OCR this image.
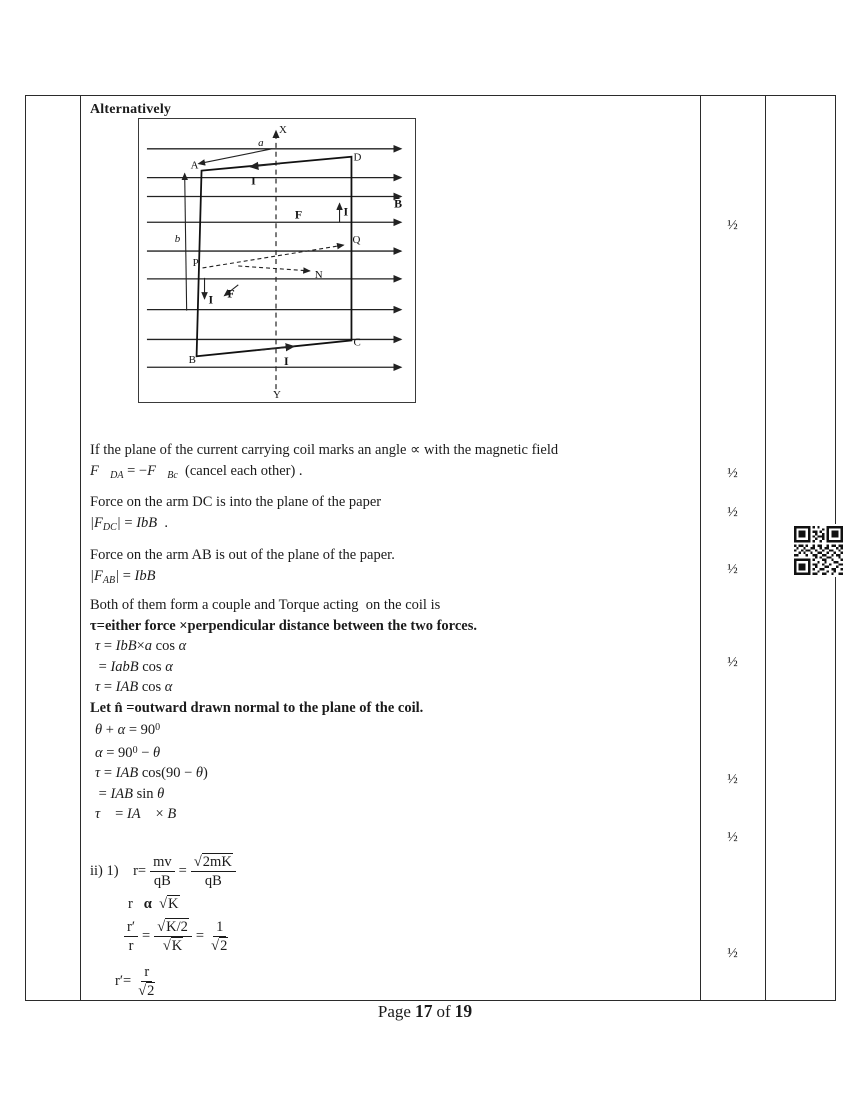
Alternatively
X
Y
A
D
B
C
P
Q
N
F
F
I
I
I
I
a
b
B̄
If the plane of the current carrying coil marks an angle ∝ with the magnetic field
$F⃗_{DA}$ = $-F⃗_{Bc}$  (cancel each other) .
Force on the arm DC is into the plane of the paper
$|F_{DC}|$ = IbB  .
Force on the arm AB is out of the plane of the paper.
$|F_{AB}|$ = IbB
Both of them form a couple and Torque acting  on the coil is
τ=either force ×perpendicular distance between the two forces.
τ = IbB×a cos α
= IabB cos α
τ = IAB cos α
Let n̂ =outward drawn normal to the plane of the coil.
$\theta + \alpha = 90^0$
$\alpha = 90^0 - \theta$
τ = IAB cos(90 − θ)
= IAB sin θ
τ⃗ = IA⃗ × B⃗
ii) 1)    $r= \frac{mv}{qB} = \frac{√2mK}{qB}$
r   α  √K
$\frac{r'}{r} = \frac{√K/2}{√K} = \frac{1}{√2}$
$r'= \frac{r}{√2}$
½
½
½
½
½
½
½
½
Page 17 of 19
